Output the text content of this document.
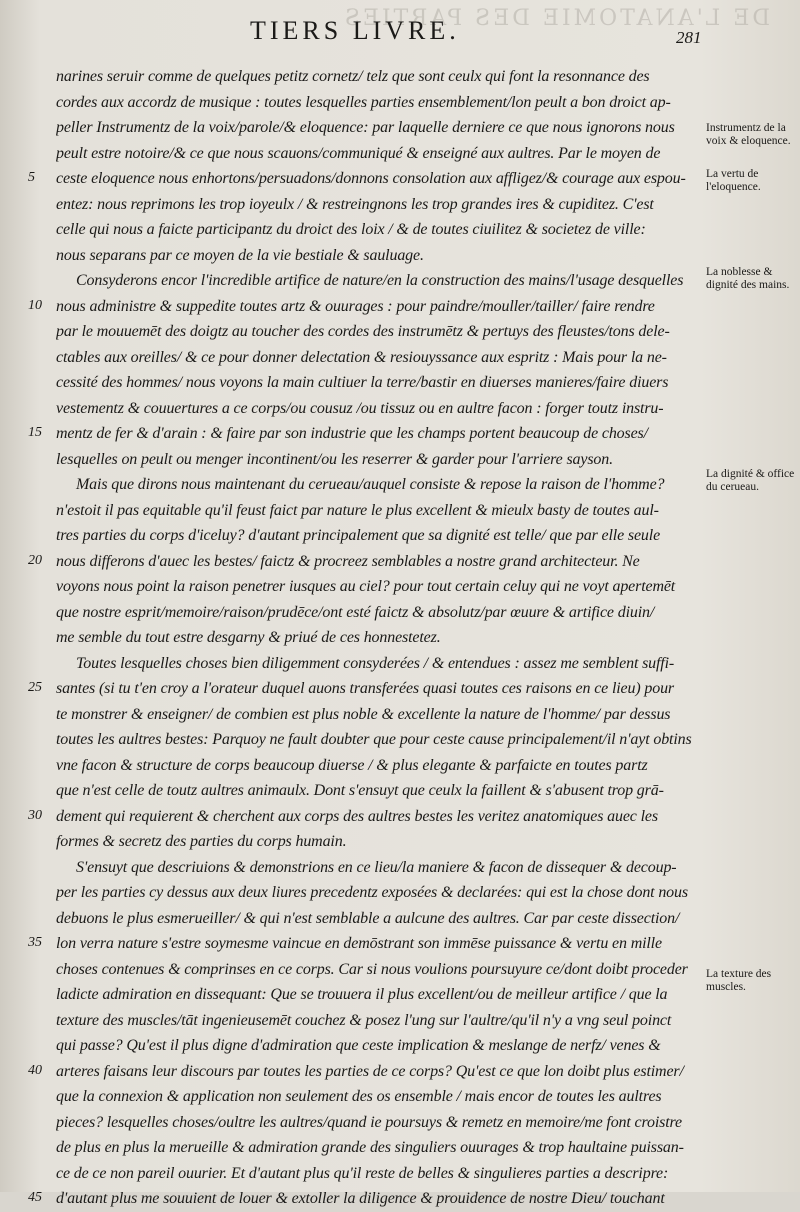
DE L'ANATOMIE DES PARTIES
TIERS LIVRE.	281
5
10
15
20
25
30
35
40
45
narines seruir comme de quelques petitz cornetz/ telz que sont ceulx qui font la resonnance des
cordes aux accordz de musique : toutes lesquelles parties ensemblement/lon peult a bon droict ap-
peller Instrumentz de la voix/parole/& eloquence: par laquelle derniere ce que nous ignorons nous
peult estre notoire/& ce que nous scauons/communiqué & enseigné aux aultres. Par le moyen de
ceste eloquence nous enhortons/persuadons/donnons consolation aux affligez/& courage aux espou-
entez: nous reprimons les trop ioyeulx / & restreingnons les trop grandes ires & cupiditez. C'est
celle qui nous a faicte participantz du droict des loix / & de toutes ciuilitez & societez de ville:
nous separans par ce moyen de la vie bestiale & sauluage.
Consyderons encor l'incredible artifice de nature/en la construction des mains/l'usage desquelles
nous administre & suppedite toutes artz & ouurages : pour paindre/mouller/tailler/ faire rendre
par le mouuemēt des doigtz au toucher des cordes des instrumētz & pertuys des fleustes/tons dele-
ctables aux oreilles/ & ce pour donner delectation & resiouyssance aux espritz : Mais pour la ne-
cessité des hommes/ nous voyons la main cultiuer la terre/bastir en diuerses manieres/faire diuers
vestementz & couuertures a ce corps/ou cousuz /ou tissuz ou en aultre facon : forger toutz instru-
mentz de fer & d'arain : & faire par son industrie que les champs portent beaucoup de choses/
lesquelles on peult ou menger incontinent/ou les reserrer & garder pour l'arriere sayson.
Mais que dirons nous maintenant du cerueau/auquel consiste & repose la raison de l'homme?
n'estoit il pas equitable qu'il feust faict par nature le plus excellent & mieulx basty de toutes aul-
tres parties du corps d'iceluy? d'autant principalement que sa dignité est telle/ que par elle seule
nous differons d'auec les bestes/ faictz & procreez semblables a nostre grand architecteur. Ne
voyons nous point la raison penetrer iusques au ciel? pour tout certain celuy qui ne voyt apertemēt
que nostre esprit/memoire/raison/prudēce/ont esté faictz & absolutz/par œuure & artifice diuin/
me semble du tout estre desgarny & priué de ces honnestetez.
Toutes lesquelles choses bien diligemment consyderées / & entendues : assez me semblent suffi-
santes (si tu t'en croy a l'orateur duquel auons transferées quasi toutes ces raisons en ce lieu) pour
te monstrer & enseigner/ de combien est plus noble & excellente la nature de l'homme/ par dessus
toutes les aultres bestes: Parquoy ne fault doubter que pour ceste cause principalement/il n'ayt obtins
vne facon & structure de corps beaucoup diuerse / & plus elegante & parfaicte en toutes partz
que n'est celle de toutz aultres animaulx. Dont s'ensuyt que ceulx la faillent & s'abusent trop grā-
dement qui requierent & cherchent aux corps des aultres bestes les veritez anatomiques auec les
formes & secretz des parties du corps humain.
S'ensuyt que descriuions & demonstrions en ce lieu/la maniere & facon de dissequer & decoup-
per les parties cy dessus aux deux liures precedentz exposées & declarées: qui est la chose dont nous
debuons le plus esmerueiller/ & qui n'est semblable a aulcune des aultres. Car par ceste dissection/
lon verra nature s'estre soymesme vaincue en demōstrant son immēse puissance & vertu en mille
choses contenues & comprinses en ce corps. Car si nous voulions poursuyure ce/dont doibt proceder
ladicte admiration en dissequant: Que se trouuera il plus excellent/ou de meilleur artifice / que la
texture des muscles/tāt ingenieusemēt couchez & posez l'ung sur l'aultre/qu'il n'y a vng seul poinct
qui passe? Qu'est il plus digne d'admiration que ceste implication & meslange de nerfz/ venes &
arteres faisans leur discours par toutes les parties de ce corps? Qu'est ce que lon doibt plus estimer/
que la connexion & application non seulement des os ensemble / mais encor de toutes les aultres
pieces? lesquelles choses/oultre les aultres/quand ie poursuys & remetz en memoire/me font croistre
de plus en plus la merueille & admiration grande des singuliers ouurages & trop haultaine puissan-
ce de ce non pareil ouurier. Et d'autant plus qu'il reste de belles & singulieres parties a descripre:
d'autant plus me souuient de louer & extoller la diligence & prouidence de nostre Dieu/ touchant
Instrumentz de la voix & eloquence.
La vertu de l'eloquence.
La noblesse & dignité des mains.
La dignité & office du cerueau.
La texture des muscles.
